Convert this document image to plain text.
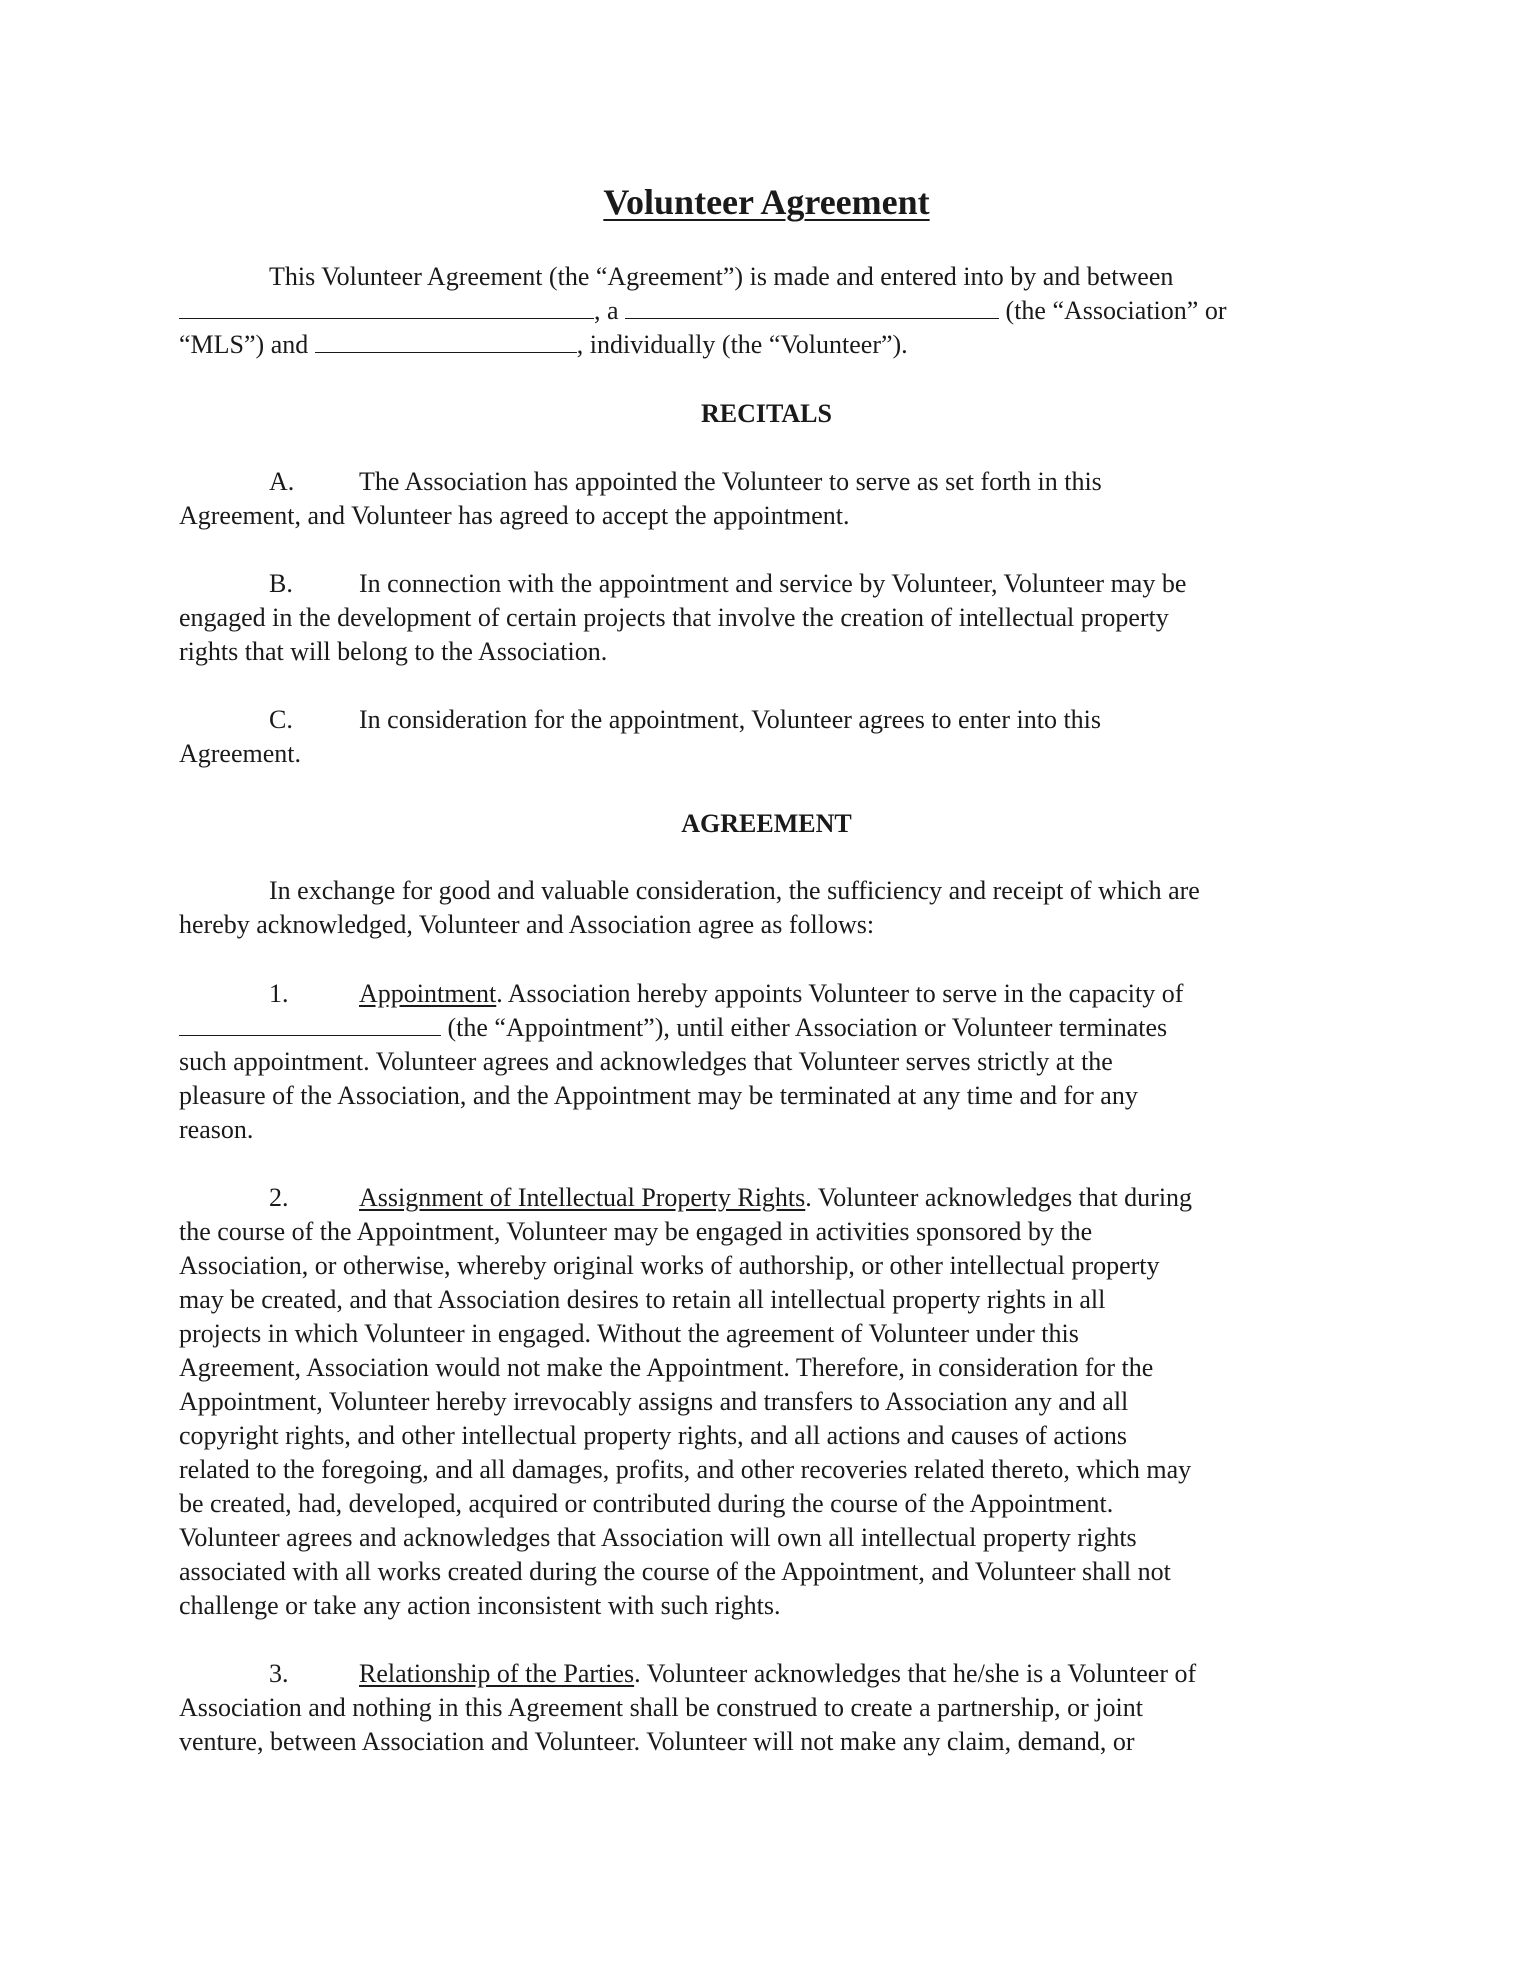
Volunteer Agreement
This Volunteer Agreement (the “Agreement”) is made and entered into by and between
, a	(the “Association” or
“MLS”) and	, individually (the “Volunteer”).
RECITALS
A. The Association has appointed the Volunteer to serve as set forth in this
Agreement, and Volunteer has agreed to accept the appointment.
B.	In connection with the appointment and service by Volunteer, Volunteer may be
engaged in the development of certain projects that involve the creation of intellectual property
rights that will belong to the Association.
C.	In consideration for the appointment, Volunteer agrees to enter into this
Agreement.
AGREEMENT
In exchange for good and valuable consideration, the sufficiency and receipt of which are
hereby acknowledged, Volunteer and Association agree as follows:
1.	Appointment. Association hereby appoints Volunteer to serve in the capacity of
(the “Appointment”), until either Association or Volunteer terminates
such appointment. Volunteer agrees and acknowledges that Volunteer serves strictly at the
pleasure of the Association, and the Appointment may be terminated at any time and for any
reason.
2.	Assignment of Intellectual Property Rights. Volunteer acknowledges that during
the course of the Appointment, Volunteer may be engaged in activities sponsored by the
Association, or otherwise, whereby original works of authorship, or other intellectual property
may be created, and that Association desires to retain all intellectual property rights in all
projects in which Volunteer in engaged. Without the agreement of Volunteer under this
Agreement, Association would not make the Appointment. Therefore, in consideration for the
Appointment, Volunteer hereby irrevocably assigns and transfers to Association any and all
copyright rights, and other intellectual property rights, and all actions and causes of actions
related to the foregoing, and all damages, profits, and other recoveries related thereto, which may
be created, had, developed, acquired or contributed during the course of the Appointment.
Volunteer agrees and acknowledges that Association will own all intellectual property rights
associated with all works created during the course of the Appointment, and Volunteer shall not
challenge or take any action inconsistent with such rights.
3.	Relationship of the Parties. Volunteer acknowledges that he/she is a Volunteer of
Association and nothing in this Agreement shall be construed to create a partnership, or joint
venture, between Association and Volunteer. Volunteer will not make any claim, demand, or
